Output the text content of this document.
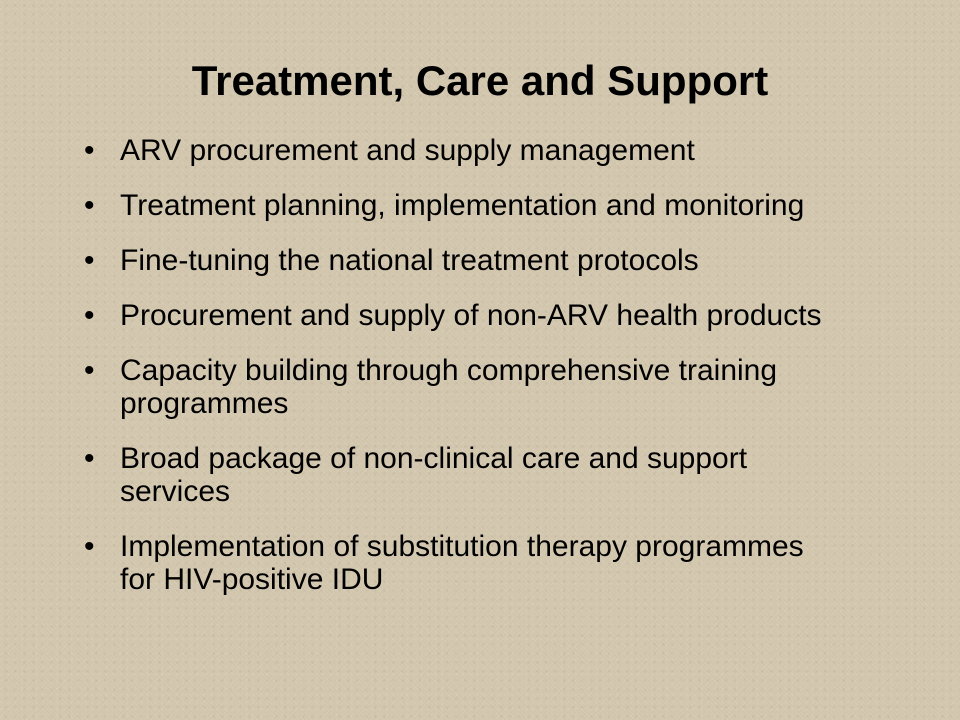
Treatment, Care and Support
• ARV procurement and supply management
• Treatment planning, implementation and monitoring
• Fine-tuning the national treatment protocols
• Procurement and supply of non-ARV health products
• Capacity building through comprehensive training programmes
• Broad package of non-clinical care and support services
• Implementation of substitution therapy programmes for HIV-positive IDU
